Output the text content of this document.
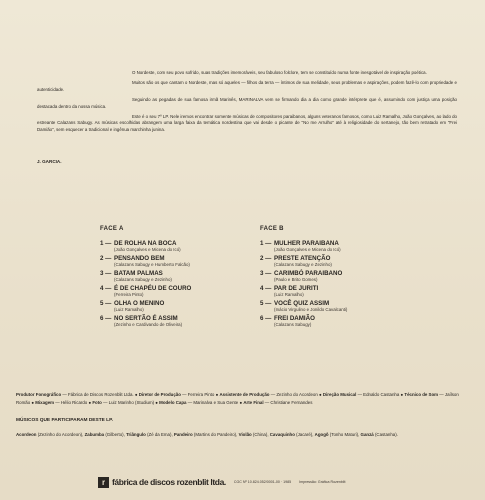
O Nordeste, com seu povo sofrido, suas tradições imemoráveis, seu fabuloso folclore, tem se constituído numa fonte inesgotável de inspiração poética.

Muitos são os que cantam o Nordeste, mas só aqueles — filhos da terra — íntimos de sua melidade, seus problemas e aspirações, podem fazê-lo com propriedade e autenticidade.

Seguindo as pegadas de sua famosa irmã Marinês, MARINALVA vem se firmando dia a dia como grande intérprete que é, assumindo com justiça uma posição destacada dentro da nossa música.

Este é o seu 7º LP. Nele iremos encontrar somente músicas de compositores paraibanos, alguns veteranos famosos, como Luiz Ramalho, João Gonçalves, ao lado do estreante Calazans Sabugy. As músicas escolhidas abrangem uma larga faixa da temática nordestina que vai desde o picante de "No me Arrulho" até à religiosidade do sertanejo, tão bem retratado em "Frei Damião", sem esquecer a tradicional e ingênua marchinha junina.

J. GARCIA.
FACE A
1 — DE ROLHA NA BOCA
(João Gonçalves e Micena do Icó)
2 — PENSANDO BEM
(Calazans Sabugy e Humberto Falcão)
3 — BATAM PALMAS
(Calazans Sabugy e Zezinho)
4 — É DE CHAPÉU DE COURO
(Ferreira Pinto)
5 — OLHA O MENINO
(Luiz Ramalho)
6 — NO SERTÃO É ASSIM
(Zezinho e Cardivando de Oliveira)
FACE B
1 — MULHER PARAIBANA
(João Gonçalves e Micena do Icó)
2 — PRESTE ATENÇÃO
(Calazans Sabugy e Zezinho)
3 — CARIMBÓ PARAIBANO
(Paulo e Brito Gomes)
4 — PAR DE JURITI
(Luiz Ramalho)
5 — VOCÊ QUIZ ASSIM
(Inácio Virgulino e Jonildo Cavalcanti)
6 — FREI DAMIÃO
(Calazans Sabugy)
Produtor Fonográfico — Fábrica de Discos Rozenblit Ltda. ● Diretor de Produção — Ferreira Pinto ● Assistente de Produção — Zezinho do Acordeon ● Direção Musical — Ednaldo Castanha ● Técnico de Som — Jaílson Romão ● Mixagem — Hélio Ricardo ● Foto — Luiz Marinho (Studium) ● Modelo Capa — Marinalva e Sua Gente ● Arte Final — Christiane Fernandes
MÚSICOS QUE PARTICIPARAM DESTE LP.
Acordeon (Zezinho do Acordeon), Zabumba (Gilberto), Triângulo (Zé da Ema), Pandeiro (Martins do Pandeiro), Violão (China), Cavaquinho (Jacaré), Agogô (Tonho Maturi), Ganzá (Castanha).
r fábrica de discos rozenblit ltda. CGC Nº 10.824.052/0001-00 · 1985 Impressão: Gráfica Rozenblit
